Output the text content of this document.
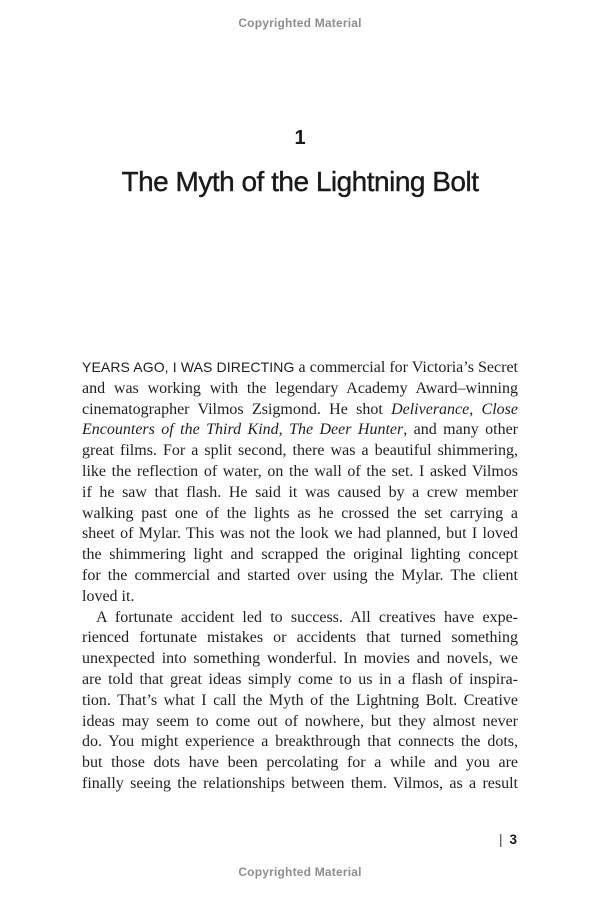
Copyrighted Material
1
The Myth of the Lightning Bolt
YEARS AGO, I WAS DIRECTING a commercial for Victoria’s Secret
and was working with the legendary Academy Award–winning
cinematographer Vilmos Zsigmond. He shot Deliverance, Close
Encounters of the Third Kind, The Deer Hunter, and many other
great films. For a split second, there was a beautiful shimmering,
like the reflection of water, on the wall of the set. I asked Vilmos
if he saw that flash. He said it was caused by a crew member
walking past one of the lights as he crossed the set carrying a
sheet of Mylar. This was not the look we had planned, but I loved
the shimmering light and scrapped the original lighting concept
for the commercial and started over using the Mylar. The client
loved it.
A fortunate accident led to success. All creatives have expe-
rienced fortunate mistakes or accidents that turned something
unexpected into something wonderful. In movies and novels, we
are told that great ideas simply come to us in a flash of inspira-
tion. That’s what I call the Myth of the Lightning Bolt. Creative
ideas may seem to come out of nowhere, but they almost never
do. You might experience a breakthrough that connects the dots,
but those dots have been percolating for a while and you are
finally seeing the relationships between them. Vilmos, as a result
| 3
Copyrighted Material
